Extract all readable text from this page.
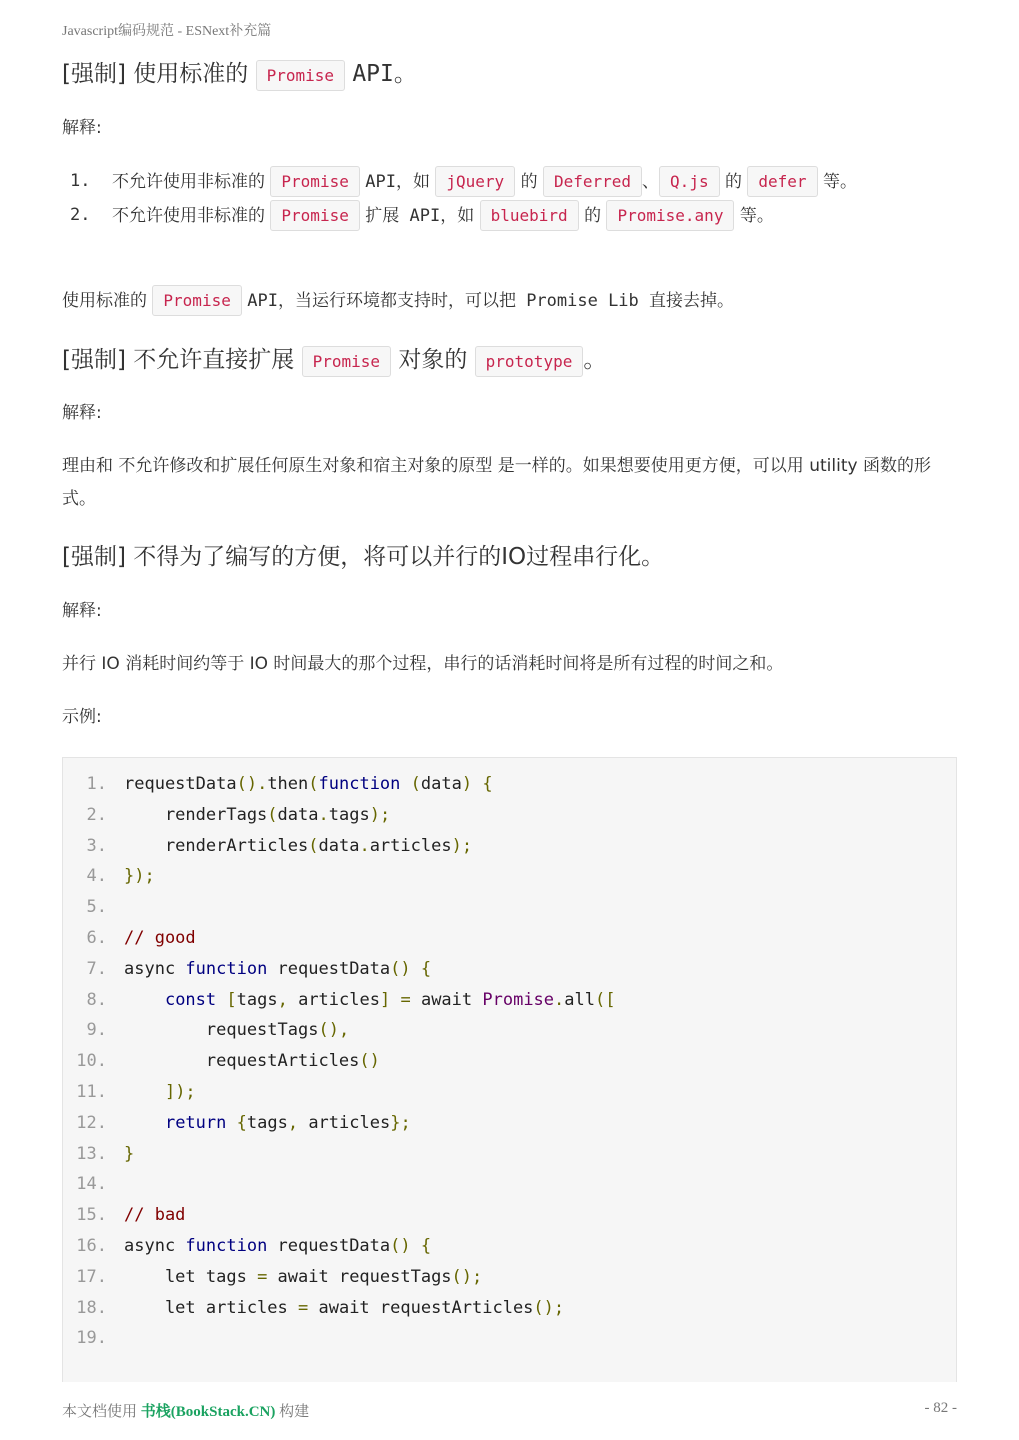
Javascript编码规范 - ESNext补充篇
[强制] 使用标准的 Promise API。
解释:
1. 不允许使用非标准的 Promise API，如 jQuery 的 Deferred 、 Q.js 的 defer 等。
2. 不允许使用非标准的 Promise 扩展 API，如 bluebird 的 Promise.any 等。
使用标准的 Promise API，当运行环境都支持时，可以把 Promise Lib 直接去掉。
[强制] 不允许直接扩展 Promise 对象的 prototype 。
解释:
理由和 不允许修改和扩展任何原生对象和宿主对象的原型 是一样的。如果想要使用更方便，可以用 utility 函数的形式。
[强制] 不得为了编写的方便，将可以并行的IO过程串行化。
解释:
并行 IO 消耗时间约等于 IO 时间最大的那个过程，串行的话消耗时间将是所有过程的时间之和。
示例:
1. requestData().then(function (data) {
2.    renderTags(data.tags);
3.    renderArticles(data.articles);
4. });
5.
6. // good
7. async function requestData() {
8.	const [tags, articles] = await Promise.all([
9.        requestTags(),
10.        requestArticles()
11.	]);
12.	return {tags, articles};
13. }
14.
15. // bad
16. async function requestData() {
17.    let tags = await requestTags();
18.    let articles = await requestArticles();
19.
本文档使用 书栈(BookStack.CN) 构建	- 82 -
